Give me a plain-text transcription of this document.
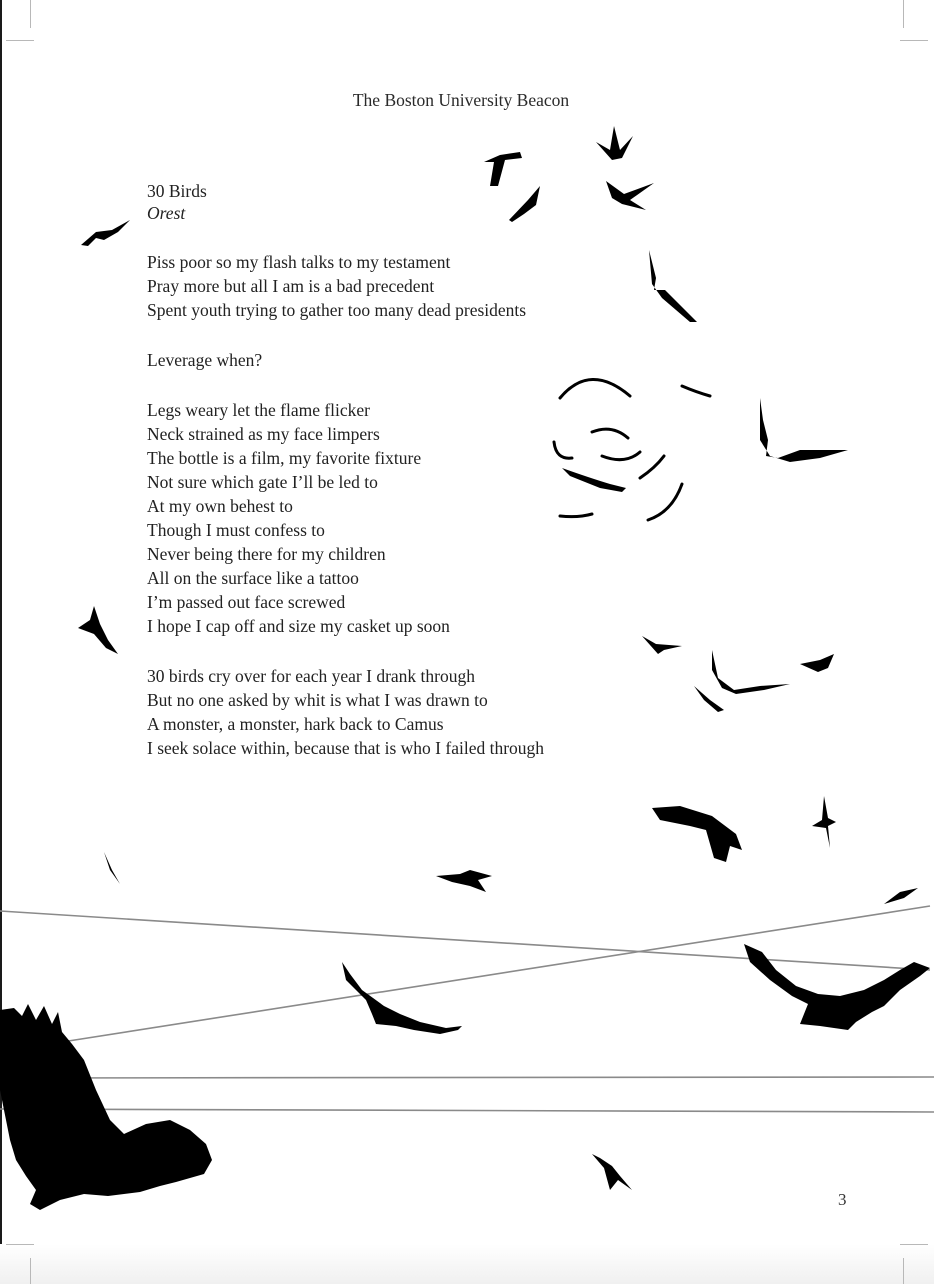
The Boston University Beacon
30 Birds
Orest
Piss poor so my flash talks to my testament
Pray more but all I am is a bad precedent
Spent youth trying to gather too many dead presidents
Leverage when?
Legs weary let the flame flicker
Neck strained as my face limpers
The bottle is a film, my favorite fixture
Not sure which gate I’ll be led to
At my own behest to
Though I must confess to
Never being there for my children
All on the surface like a tattoo
I’m passed out face screwed
I hope I cap off and size my casket up soon
30 birds cry over for each year I drank through
But no one asked by whit is what I was drawn to
A monster, a monster, hark back to Camus
I seek solace within, because that is who I failed through
3
